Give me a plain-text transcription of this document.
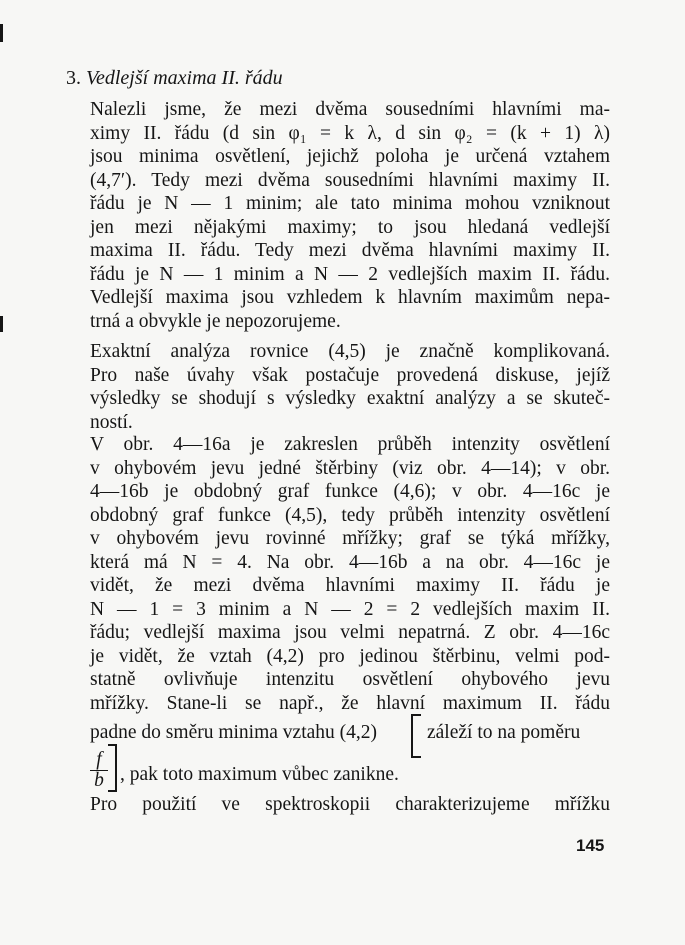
3. Vedlejší maxima II. řádu
Nalezli jsme, že mezi dvěma sousedními hlavními ma-
ximy II. řádu (d sin φ₁ = k λ, d sin φ₂ = (k + 1) λ)
jsou minima osvětlení, jejichž poloha je určená vztahem
(4,7′). Tedy mezi dvěma sousedními hlavními maximy II.
řádu je N — 1 minim; ale tato minima mohou vzniknout
jen mezi nějakými maximy; to jsou hledaná vedlejší
maxima II. řádu. Tedy mezi dvěma hlavními maximy II.
řádu je N — 1 minim a N — 2 vedlejších maxim II. řádu.
Vedlejší maxima jsou vzhledem k hlavním maximům nepa-
trná a obvykle je nepozorujeme.
Exaktní analýza rovnice (4,5) je značně komplikovaná.
Pro naše úvahy však postačuje provedená diskuse, jejíž
výsledky se shodují s výsledky exaktní analýzy a se skuteč-
ností.
V obr. 4—16a je zakreslen průběh intenzity osvětlení
v ohybovém jevu jedné štěrbiny (viz obr. 4—14); v obr.
4—16b je obdobný graf funkce (4,6); v obr. 4—16c je
obdobný graf funkce (4,5), tedy průběh intenzity osvětlení
v ohybovém jevu rovinné mřížky; graf se týká mřížky,
která má N = 4. Na obr. 4—16b a na obr. 4—16c je
vidět, že mezi dvěma hlavními maximy II. řádu je
N — 1 = 3 minim a N — 2 = 2 vedlejších maxim II.
řádu; vedlejší maxima jsou velmi nepatrná. Z obr. 4—16c
je vidět, že vztah (4,2) pro jedinou štěrbinu, velmi pod-
statně ovlivňuje intenzitu osvětlení ohybového jevu
mřížky. Stane-li se např., že hlavní maximum II. řádu
padne do směru minima vztahu (4,2)	záleží to na poměru
$\frac{f}{b}$ , pak toto maximum vůbec zanikne.
Pro použití ve spektroskopii charakterizujeme mřížku
145
